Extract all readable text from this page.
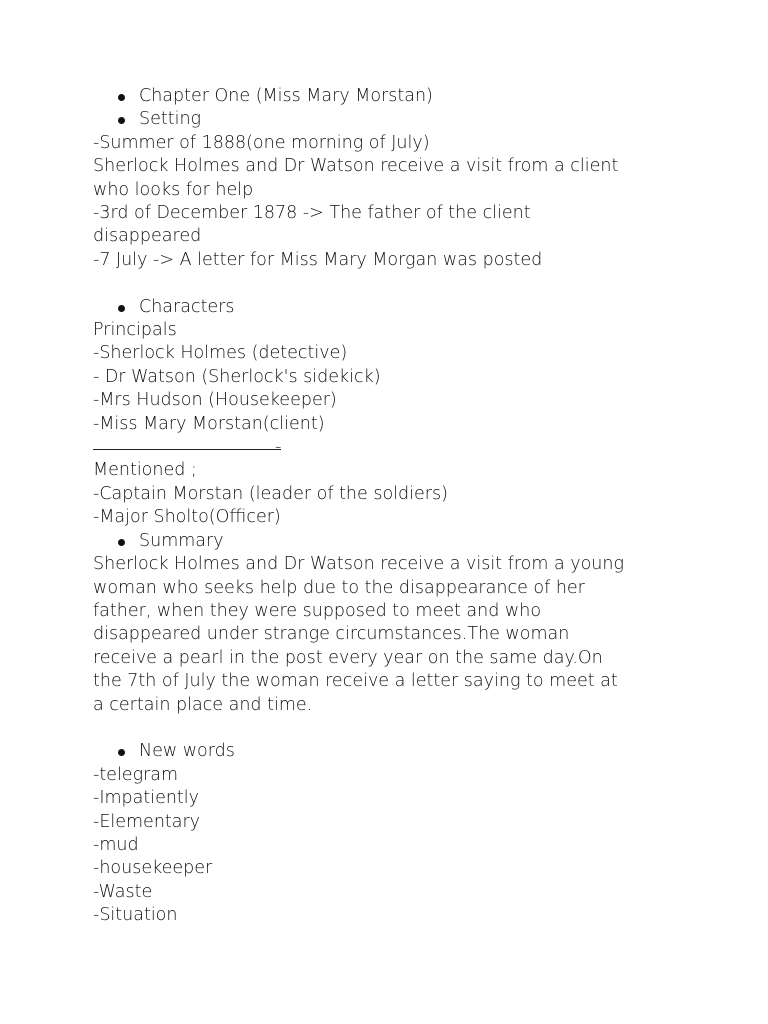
Chapter One (Miss Mary Morstan)
Setting
-Summer of 1888(one morning of July)
Sherlock Holmes and Dr Watson receive a visit from a client
who looks for help
-3rd of December 1878 -> The father of the client
disappeared
-7 July -> A letter for Miss Mary Morgan was posted
Characters
Principals
-Sherlock Holmes (detective)
- Dr Watson (Sherlock's sidekick)
-Mrs Hudson (Housekeeper)
-Miss Mary Morstan(client)
-
Mentioned ;
-Captain Morstan (leader of the soldiers)
-Major Sholto(Officer)
Summary
Sherlock Holmes and Dr Watson receive a visit from a young
woman who seeks help due to the disappearance of her
father, when they were supposed to meet and who
disappeared under strange circumstances.The woman
receive a pearl in the post every year on the same day.On
the 7th of July the woman receive a letter saying to meet at
a certain place and time.
New words
-telegram
-Impatiently
-Elementary
-mud
-housekeeper
-Waste
-Situation
